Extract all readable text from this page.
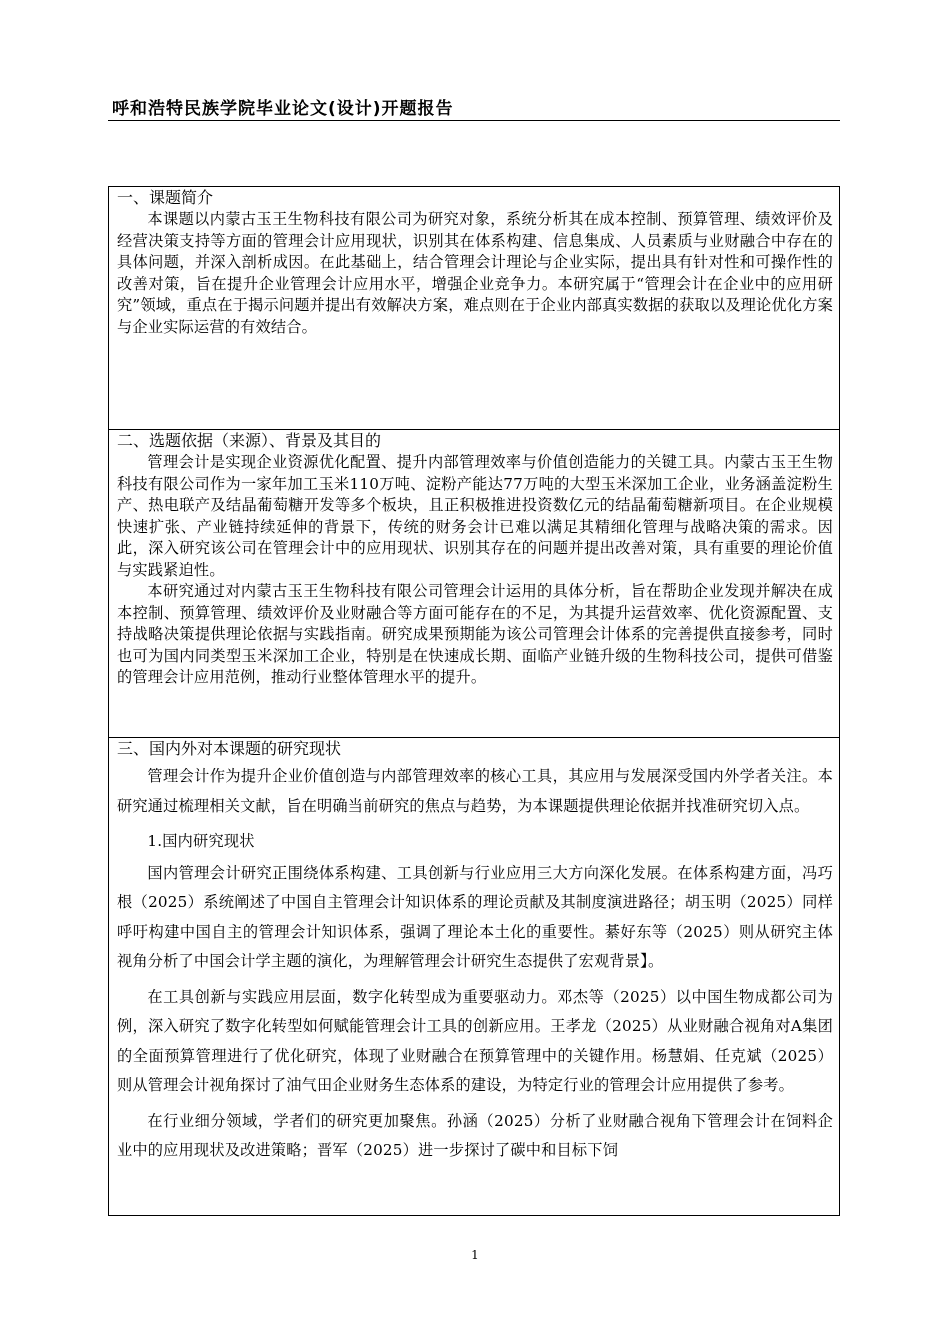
呼和浩特民族学院毕业论文(设计)开题报告
一、课题简介

本课题以内蒙古玉王生物科技有限公司为研究对象，系统分析其在成本控制、预算管理、绩效评价及经营决策支持等方面的管理会计应用现状，识别其在体系构建、信息集成、人员素质与业财融合中存在的具体问题，并深入剖析成因。在此基础上，结合管理会计理论与企业实际，提出具有针对性和可操作性的改善对策，旨在提升企业管理会计应用水平，增强企业竞争力。本研究属于“管理会计在企业中的应用研究”领域，重点在于揭示问题并提出有效解决方案，难点则在于企业内部真实数据的获取以及理论优化方案与企业实际运营的有效结合。

二、选题依据（来源）、背景及其目的

管理会计是实现企业资源优化配置、提升内部管理效率与价值创造能力的关键工具。内蒙古玉王生物科技有限公司作为一家年加工玉米110万吨、淀粉产能达77万吨的大型玉米深加工企业，业务涵盖淀粉生产、热电联产及结晶葡萄糖开发等多个板块，且正积极推进投资数亿元的结晶葡萄糖新项目。在企业规模快速扩张、产业链持续延伸的背景下，传统的财务会计已难以满足其精细化管理与战略决策的需求。因此，深入研究该公司在管理会计中的应用现状、识别其存在的问题并提出改善对策，具有重要的理论价值与实践紧迫性。

本研究通过对内蒙古玉王生物科技有限公司管理会计运用的具体分析，旨在帮助企业发现并解决在成本控制、预算管理、绩效评价及业财融合等方面可能存在的不足，为其提升运营效率、优化资源配置、支持战略决策提供理论依据与实践指南。研究成果预期能为该公司管理会计体系的完善提供直接参考，同时也可为国内同类型玉米深加工企业，特别是在快速成长期、面临产业链升级的生物科技公司，提供可借鉴的管理会计应用范例，推动行业整体管理水平的提升。

三、国内外对本课题的研究现状

管理会计作为提升企业价值创造与内部管理效率的核心工具，其应用与发展深受国内外学者关注。本研究通过梳理相关文献，旨在明确当前研究的焦点与趋势，为本课题提供理论依据并找准研究切入点。

1.国内研究现状

国内管理会计研究正围绕体系构建、工具创新与行业应用三大方向深化发展。在体系构建方面，冯巧根（2025）系统阐述了中国自主管理会计知识体系的理论贡献及其制度演进路径；胡玉明（2025）同样呼吁构建中国自主的管理会计知识体系，强调了理论本土化的重要性。綦好东等（2025）则从研究主体视角分析了中国会计学主题的演化，为理解管理会计研究生态提供了宏观背景】。

在工具创新与实践应用层面，数字化转型成为重要驱动力。邓杰等（2025）以中国生物成都公司为例，深入研究了数字化转型如何赋能管理会计工具的创新应用。王孝龙（2025）从业财融合视角对A集团的全面预算管理进行了优化研究，体现了业财融合在预算管理中的关键作用。杨慧娟、任克斌（2025）则从管理会计视角探讨了油气田企业财务生态体系的建设，为特定行业的管理会计应用提供了参考。

在行业细分领域，学者们的研究更加聚焦。孙涵（2025）分析了业财融合视角下管理会计在饲料企业中的应用现状及改进策略；晋军（2025）进一步探讨了碳中和目标下饲

1
